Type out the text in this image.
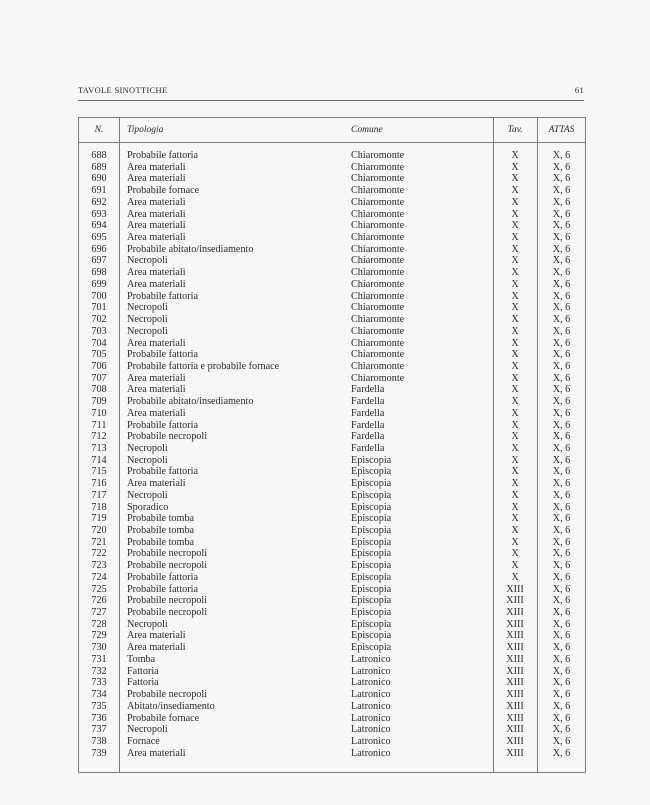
TAVOLE SINOTTICHE	61
N.	Tipologia	Comune	Tav.	ATTAS
688	Probabile fattoria	Chiaromonte	X	X, 6
689	Area materiali	Chiaromonte	X	X, 6
690	Area materiali	Chiaromonte	X	X, 6
691	Probabile fornace	Chiaromonte	X	X, 6
692	Area materiali	Chiaromonte	X	X, 6
693	Area materiali	Chiaromonte	X	X, 6
694	Area materiali	Chiaromonte	X	X, 6
695	Area materiali	Chiaromonte	X	X, 6
696	Probabile abitato/insediamento	Chiaromonte	X	X, 6
697	Necropoli	Chiaromonte	X	X, 6
698	Area materiali	Chiaromonte	X	X, 6
699	Area materiali	Chiaromonte	X	X, 6
700	Probabile fattoria	Chiaromonte	X	X, 6
701	Necropoli	Chiaromonte	X	X, 6
702	Necropoli	Chiaromonte	X	X, 6
703	Necropoli	Chiaromonte	X	X, 6
704	Area materiali	Chiaromonte	X	X, 6
705	Probabile fattoria	Chiaromonte	X	X, 6
706	Probabile fattoria e probabile fornace	Chiaromonte	X	X, 6
707	Area materiali	Chiaromonte	X	X, 6
708	Area materiali	Fardella	X	X, 6
709	Probabile abitato/insediamento	Fardella	X	X, 6
710	Area materiali	Fardella	X	X, 6
711	Probabile fattoria	Fardella	X	X, 6
712	Probabile necropoli	Fardella	X	X, 6
713	Necropoli	Fardella	X	X, 6
714	Necropoli	Episcopia	X	X, 6
715	Probabile fattoria	Episcopia	X	X, 6
716	Area materiali	Episcopia	X	X, 6
717	Necropoli	Episcopia	X	X, 6
718	Sporadico	Episcopia	X	X, 6
719	Probabile tomba	Episcopia	X	X, 6
720	Probabile tomba	Episcopia	X	X, 6
721	Probabile tomba	Episcopia	X	X, 6
722	Probabile necropoli	Episcopia	X	X, 6
723	Probabile necropoli	Episcopia	X	X, 6
724	Probabile fattoria	Episcopia	X	X, 6
725	Probabile fattoria	Episcopia	XIII	X, 6
726	Probabile necropoli	Episcopia	XIII	X, 6
727	Probabile necropoli	Episcopia	XIII	X, 6
728	Necropoli	Episcopia	XIII	X, 6
729	Area materiali	Episcopia	XIII	X, 6
730	Area materiali	Episcopia	XIII	X, 6
731	Tomba	Latronico	XIII	X, 6
732	Fattoria	Latronico	XIII	X, 6
733	Fattoria	Latronico	XIII	X, 6
734	Probabile necropoli	Latronico	XIII	X, 6
735	Abitato/insediamento	Latronico	XIII	X, 6
736	Probabile fornace	Latronico	XIII	X, 6
737	Necropoli	Latronico	XIII	X, 6
738	Fornace	Latronico	XIII	X, 6
739	Area materiali	Latronico	XIII	X, 6
